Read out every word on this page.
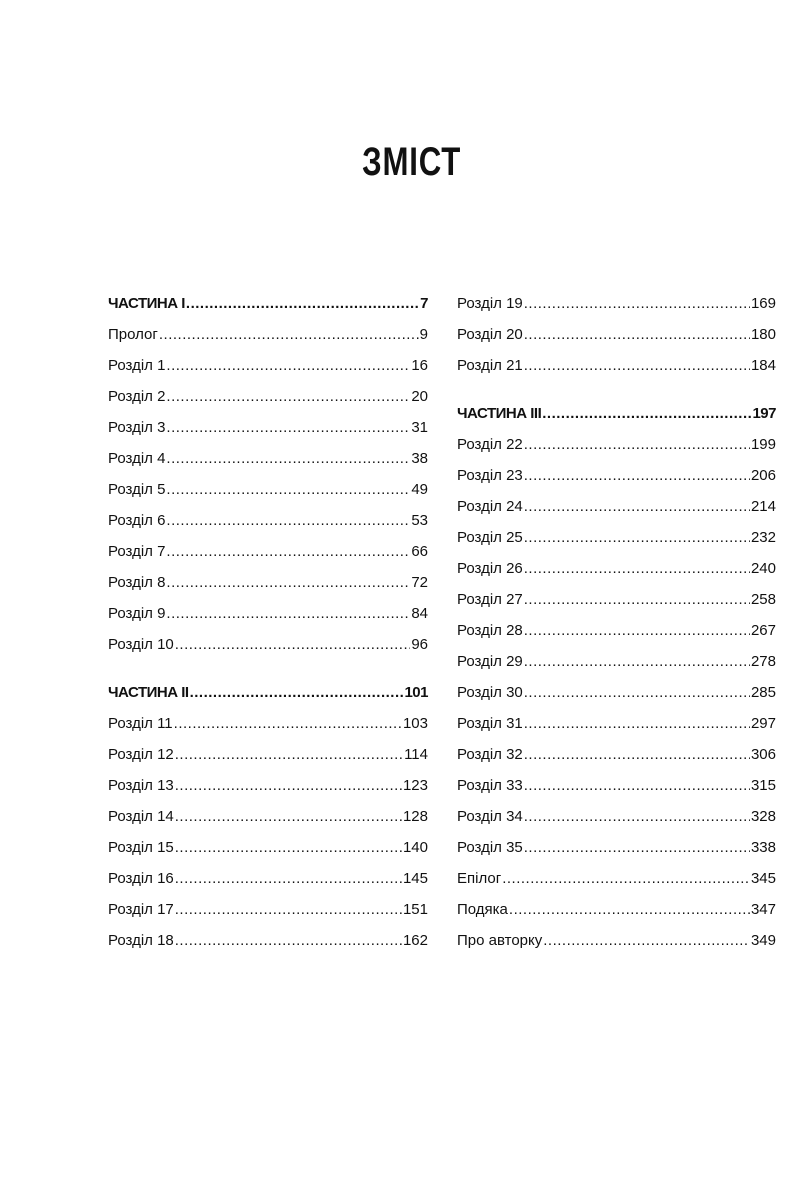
ЗМІСТ
ЧАСТИНА I .....	7
Пролог .....	9
Розділ 1 .....	16
Розділ 2 .....	20
Розділ 3 .....	31
Розділ 4 .....	38
Розділ 5 .....	49
Розділ 6 .....	53
Розділ 7 .....	66
Розділ 8 .....	72
Розділ 9 .....	84
Розділ 10 .....	96
ЧАСТИНА II .....	101
Розділ 11 .....	103
Розділ 12 .....	114
Розділ 13 .....	123
Розділ 14 .....	128
Розділ 15 .....	140
Розділ 16 .....	145
Розділ 17 .....	151
Розділ 18 .....	162
Розділ 19 .....	169
Розділ 20 .....	180
Розділ 21 .....	184
ЧАСТИНА III .....	197
Розділ 22 .....	199
Розділ 23 .....	206
Розділ 24 .....	214
Розділ 25 .....	232
Розділ 26 .....	240
Розділ 27 .....	258
Розділ 28 .....	267
Розділ 29 .....	278
Розділ 30 .....	285
Розділ 31 .....	297
Розділ 32 .....	306
Розділ 33 .....	315
Розділ 34 .....	328
Розділ 35 .....	338
Епілог .....	345
Подяка .....	347
Про авторку .....	349
